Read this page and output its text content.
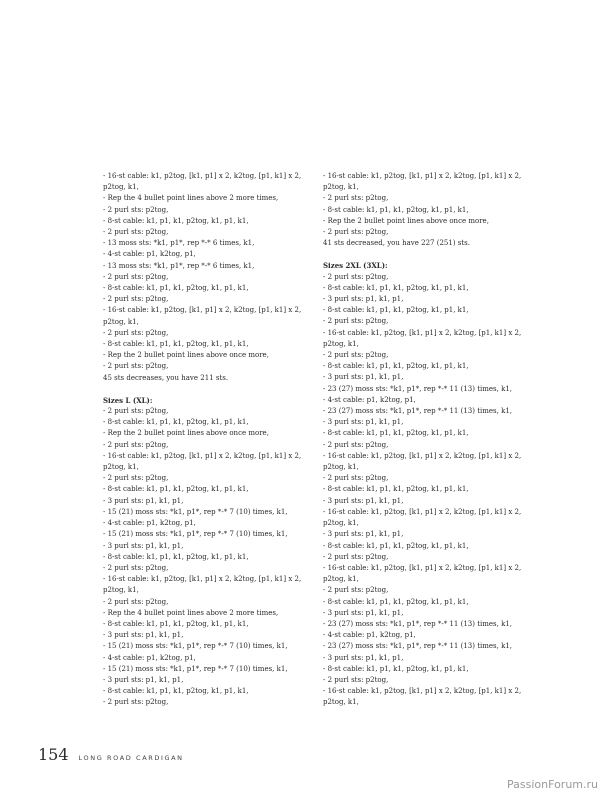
- 16-st cable: k1, p2tog, [k1, p1] x 2, k2tog, [p1, k1] x 2,
p2tog, k1,
- Rep the 4 bullet point lines above 2 more times,
- 2 purl sts: p2tog,
- 8-st cable: k1, p1, k1, p2tog, k1, p1, k1,
- 2 purl sts: p2tog,
- 13 moss sts: *k1, p1*, rep *-* 6 times, k1,
- 4-st cable: p1, k2tog, p1,
- 13 moss sts: *k1, p1*, rep *-* 6 times, k1,
- 2 purl sts: p2tog,
- 8-st cable: k1, p1, k1, p2tog, k1, p1, k1,
- 2 purl sts: p2tog,
- 16-st cable: k1, p2tog, [k1, p1] x 2, k2tog, [p1, k1] x 2,
p2tog, k1,
- 2 purl sts: p2tog,
- 8-st cable: k1, p1, k1, p2tog, k1, p1, k1,
- Rep the 2 bullet point lines above once more,
- 2 purl sts: p2tog,
45 sts decreases, you have 211 sts.
Sizes L (XL):
- 2 purl sts: p2tog,
- 8-st cable: k1, p1, k1, p2tog, k1, p1, k1,
- Rep the 2 bullet point lines above once more,
- 2 purl sts: p2tog,
- 16-st cable: k1, p2tog, [k1, p1] x 2, k2tog, [p1, k1] x 2,
p2tog, k1,
- 2 purl sts: p2tog,
- 8-st cable: k1, p1, k1, p2tog, k1, p1, k1,
- 3 purl sts: p1, k1, p1,
- 15 (21) moss sts: *k1, p1*, rep *-* 7 (10) times, k1,
- 4-st cable: p1, k2tog, p1,
- 15 (21) moss sts: *k1, p1*, rep *-* 7 (10) times, k1,
- 3 purl sts: p1, k1, p1,
- 8-st cable: k1, p1, k1, p2tog, k1, p1, k1,
- 2 purl sts: p2tog,
- 16-st cable: k1, p2tog, [k1, p1] x 2, k2tog, [p1, k1] x 2,
p2tog, k1,
- 2 purl sts: p2tog,
- Rep the 4 bullet point lines above 2 more times,
- 8-st cable: k1, p1, k1, p2tog, k1, p1, k1,
- 3 purl sts: p1, k1, p1,
- 15 (21) moss sts: *k1, p1*, rep *-* 7 (10) times, k1,
- 4-st cable: p1, k2tog, p1,
- 15 (21) moss sts: *k1, p1*, rep *-* 7 (10) times, k1,
- 3 purl sts: p1, k1, p1,
- 8-st cable: k1, p1, k1, p2tog, k1, p1, k1,
- 2 purl sts: p2tog,
- 16-st cable: k1, p2tog, [k1, p1] x 2, k2tog, [p1, k1] x 2,
p2tog, k1,
- 2 purl sts: p2tog,
- 8-st cable: k1, p1, k1, p2tog, k1, p1, k1,
- Rep the 2 bullet point lines above once more,
- 2 purl sts: p2tog,
41 sts decreased, you have 227 (251) sts.
Sizes 2XL (3XL):
- 2 purl sts: p2tog,
- 8-st cable: k1, p1, k1, p2tog, k1, p1, k1,
- 3 purl sts: p1, k1, p1,
- 8-st cable: k1, p1, k1, p2tog, k1, p1, k1,
- 2 purl sts: p2tog,
- 16-st cable: k1, p2tog, [k1, p1] x 2, k2tog, [p1, k1] x 2,
p2tog, k1,
- 2 purl sts: p2tog,
- 8-st cable: k1, p1, k1, p2tog, k1, p1, k1,
- 3 purl sts: p1, k1, p1,
- 23 (27) moss sts: *k1, p1*, rep *-* 11 (13) times, k1,
- 4-st cable: p1, k2tog, p1,
- 23 (27) moss sts: *k1, p1*, rep *-* 11 (13) times, k1,
- 3 purl sts: p1, k1, p1,
- 8-st cable: k1, p1, k1, p2tog, k1, p1, k1,
- 2 purl sts: p2tog,
- 16-st cable: k1, p2tog, [k1, p1] x 2, k2tog, [p1, k1] x 2,
p2tog, k1,
- 2 purl sts: p2tog,
- 8-st cable: k1, p1, k1, p2tog, k1, p1, k1,
- 3 purl sts: p1, k1, p1,
- 16-st cable: k1, p2tog, [k1, p1] x 2, k2tog, [p1, k1] x 2,
p2tog, k1,
- 3 purl sts: p1, k1, p1,
- 8-st cable: k1, p1, k1, p2tog, k1, p1, k1,
- 2 purl sts: p2tog,
- 16-st cable: k1, p2tog, [k1, p1] x 2, k2tog, [p1, k1] x 2,
p2tog, k1,
- 2 purl sts: p2tog,
- 8-st cable: k1, p1, k1, p2tog, k1, p1, k1,
- 3 purl sts: p1, k1, p1,
- 23 (27) moss sts: *k1, p1*, rep *-* 11 (13) times, k1,
- 4-st cable: p1, k2tog, p1,
- 23 (27) moss sts: *k1, p1*, rep *-* 11 (13) times, k1,
- 3 purl sts: p1, k1, p1,
- 8-st cable: k1, p1, k1, p2tog, k1, p1, k1,
- 2 purl sts: p2tog,
- 16-st cable: k1, p2tog, [k1, p1] x 2, k2tog, [p1, k1] x 2,
p2tog, k1,
154 LONG ROAD CARDIGAN
PassionForum.ru
